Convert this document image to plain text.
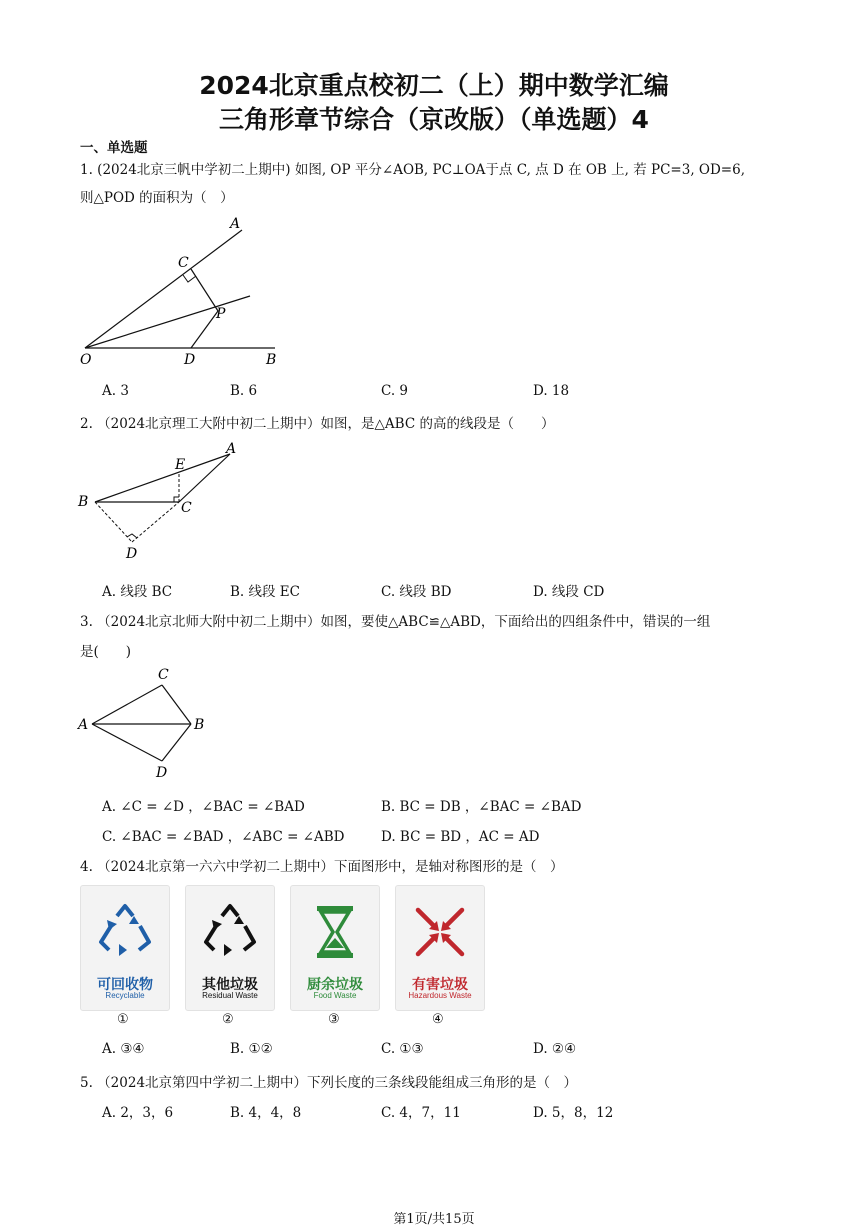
2024北京重点校初二（上）期中数学汇编
三角形章节综合（京改版）（单选题）4
一、单选题
1. (2024北京三帆中学初二上期中) 如图, OP 平分∠AOB, PC⊥OA于点 C, 点 D 在 OB 上, 若 PC=3, OD=6,
则△POD 的面积为（　）
A
C
P
O	D	B
A. 3	B. 6	C. 9	D. 18
2. （2024北京理工大附中初二上期中）如图，是△ABC 的高的线段是（　　）
A
E
B	C
D
A. 线段 BC	B. 线段 EC	C. 线段 BD	D. 线段 CD
3. （2024北京北师大附中初二上期中）如图，要使△ABC≌△ABD，下面给出的四组条件中，错误的一组
是(　　)
C
A	B
D
A. ∠C = ∠D ，∠BAC = ∠BAD	B. BC = DB ，∠BAC = ∠BAD
C. ∠BAC = ∠BAD ，∠ABC = ∠ABD	D. BC = BD ，AC = AD
4. （2024北京第一六六中学初二上期中）下面图形中，是轴对称图形的是（　）
可回收物
Recyclable
其他垃圾
Residual Waste
厨余垃圾
Food Waste
有害垃圾
Hazardous Waste
①	②	③	④
A. ③④	B. ①②	C. ①③	D. ②④
5. （2024北京第四中学初二上期中）下列长度的三条线段能组成三角形的是（　）
A. 2，3，6	B. 4，4，8	C. 4，7，11	D. 5，8，12
第1页/共15页
